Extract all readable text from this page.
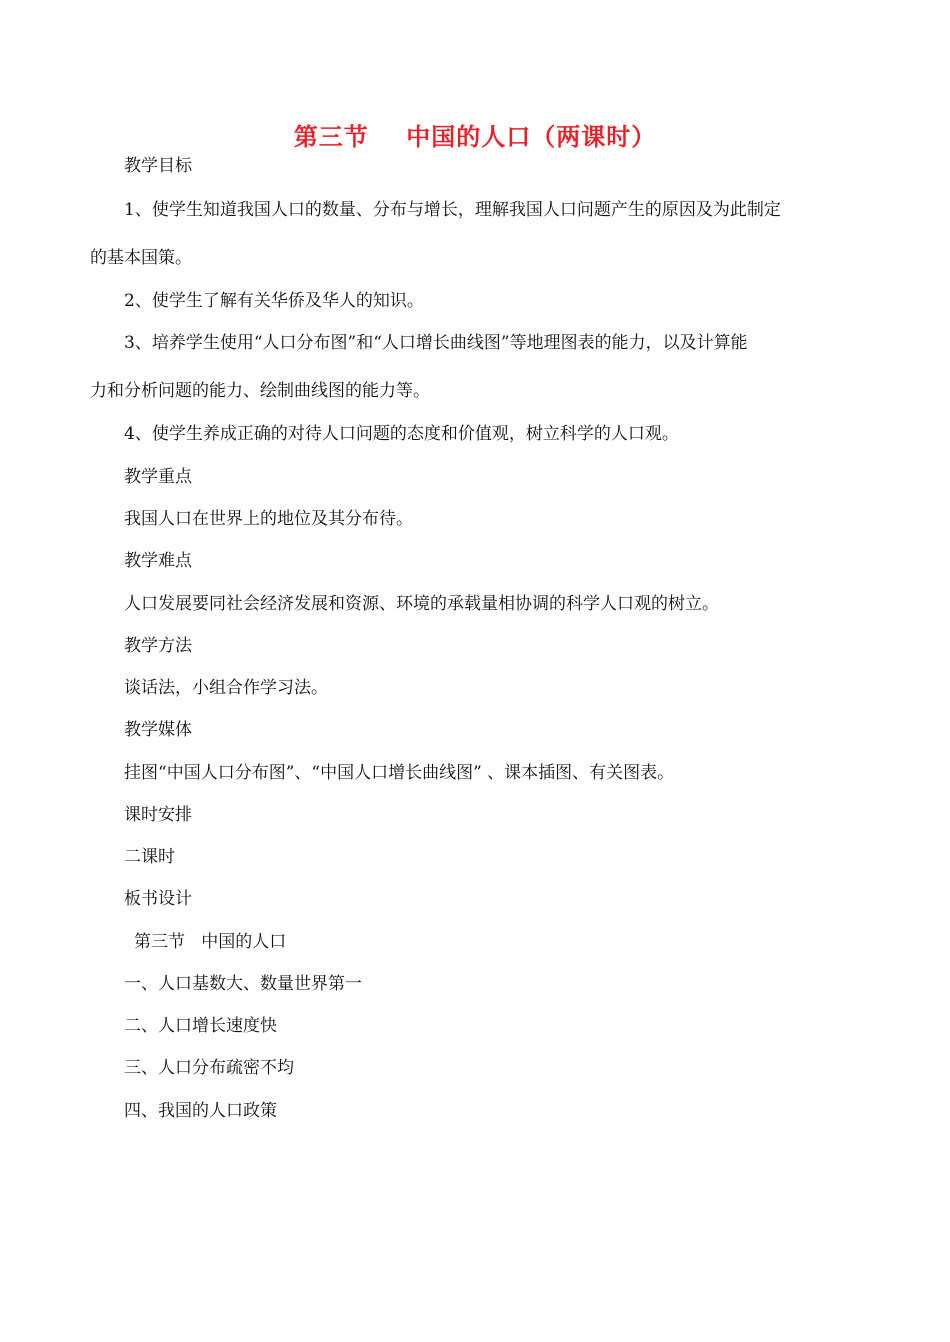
第三节    中国的人口（两课时）

教学目标

1、使学生知道我国人口的数量、分布与增长，理解我国人口问题产生的原因及为此制定

的基本国策。

2、使学生了解有关华侨及华人的知识。

3、培养学生使用“人口分布图”和“人口增长曲线图”等地理图表的能力，以及计算能

力和分析问题的能力、绘制曲线图的能力等。

4、使学生养成正确的对待人口问题的态度和价值观，树立科学的人口观。

教学重点

我国人口在世界上的地位及其分布待。

教学难点

人口发展要同社会经济发展和资源、环境的承载量相协调的科学人口观的树立。

教学方法

谈话法，小组合作学习法。

教学媒体

挂图“中国人口分布图”、“中国人口增长曲线图” 、课本插图、有关图表。

课时安排

二课时

板书设计

第三节   中国的人口

一、人口基数大、数量世界第一

二、人口增长速度快

三、人口分布疏密不均

四、我国的人口政策
